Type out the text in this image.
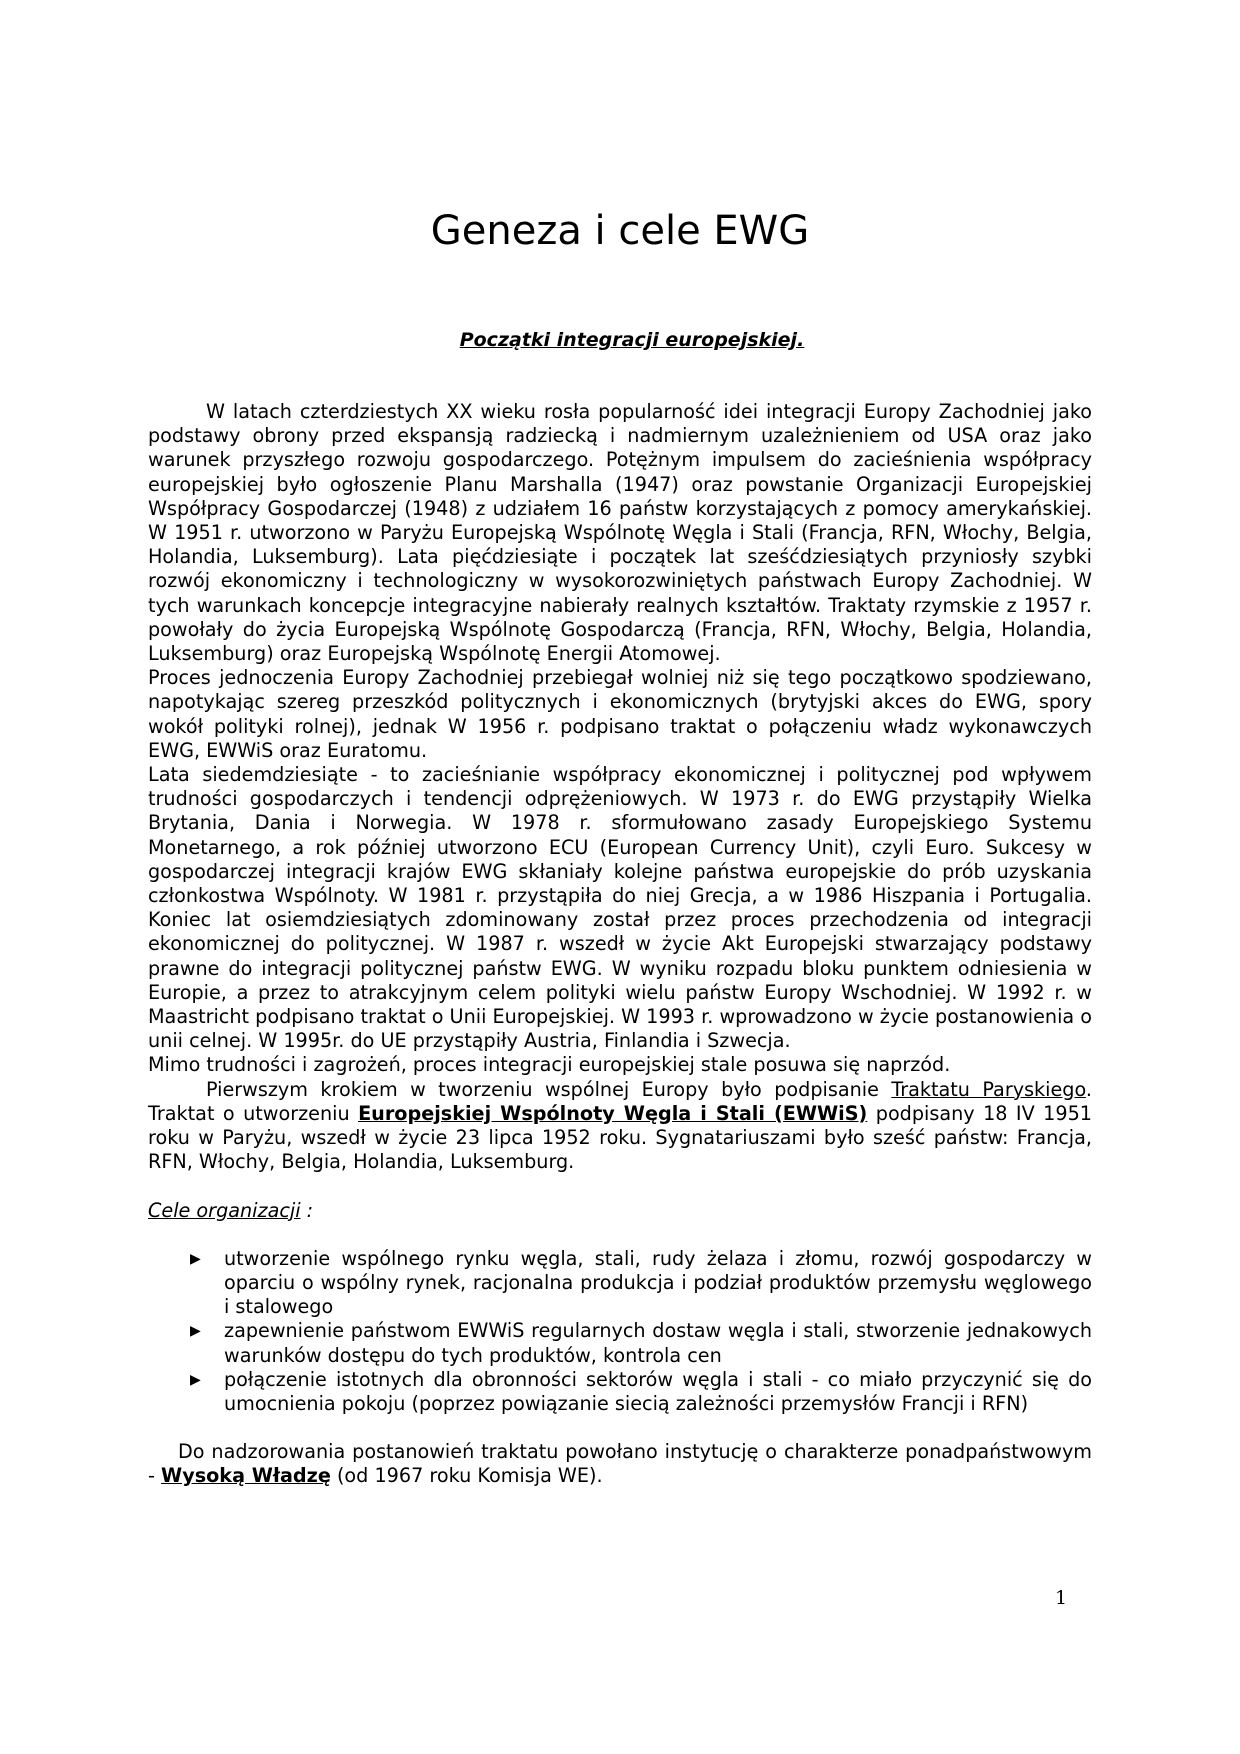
Geneza i cele EWG
Początki integracji europejskiej.

W latach czterdziestych XX wieku rosła popularność idei integracji Europy Zachodniej jako podstawy obrony przed ekspansją radziecką i nadmiernym uzależnieniem od USA oraz jako warunek przyszłego rozwoju gospodarczego. Potężnym impulsem do zacieśnienia współpracy europejskiej było ogłoszenie Planu Marshalla (1947) oraz powstanie Organizacji Europejskiej Współpracy Gospodarczej (1948) z udziałem 16 państw korzystających z pomocy amerykańskiej. W 1951 r. utworzono w Paryżu Europejską Wspólnotę Węgla i Stali (Francja, RFN, Włochy, Belgia, Holandia, Luksemburg). Lata pięćdziesiąte i początek lat sześćdziesiątych przyniosły szybki rozwój ekonomiczny i technologiczny w wysokorozwiniętych państwach Europy Zachodniej. W tych warunkach koncepcje integracyjne nabierały realnych kształtów. Traktaty rzymskie z 1957 r. powołały do życia Europejską Wspólnotę Gospodarczą (Francja, RFN, Włochy, Belgia, Holandia, Luksemburg) oraz Europejską Wspólnotę Energii Atomowej.

Proces jednoczenia Europy Zachodniej przebiegał wolniej niż się tego początkowo spodziewano, napotykając szereg przeszkód politycznych i ekonomicznych (brytyjski akces do EWG, spory wokół polityki rolnej), jednak W 1956 r. podpisano traktat o połączeniu władz wykonawczych EWG, EWWiS oraz Euratomu.

Lata siedemdziesiąte - to zacieśnianie współpracy ekonomicznej i politycznej pod wpływem trudności gospodarczych i tendencji odprężeniowych. W 1973 r. do EWG przystąpiły Wielka Brytania, Dania i Norwegia. W 1978 r. sformułowano zasady Europejskiego Systemu Monetarnego, a rok później utworzono ECU (European Currency Unit), czyli Euro. Sukcesy w gospodarczej integracji krajów EWG skłaniały kolejne państwa europejskie do prób uzyskania członkostwa Wspólnoty. W 1981 r. przystąpiła do niej Grecja, a w 1986 Hiszpania i Portugalia. Koniec lat osiemdziesiątych zdominowany został przez proces przechodzenia od integracji ekonomicznej do politycznej. W 1987 r. wszedł w życie Akt Europejski stwarzający podstawy prawne do integracji politycznej państw EWG. W wyniku rozpadu bloku punktem odniesienia w Europie, a przez to atrakcyjnym celem polityki wielu państw Europy Wschodniej. W 1992 r. w Maastricht podpisano traktat o Unii Europejskiej. W 1993 r. wprowadzono w życie postanowienia o unii celnej. W 1995r. do UE przystąpiły Austria, Finlandia i Szwecja.

Mimo trudności i zagrożeń, proces integracji europejskiej stale posuwa się naprzód.

Pierwszym krokiem w tworzeniu wspólnej Europy było podpisanie Traktatu Paryskiego. Traktat o utworzeniu Europejskiej Wspólnoty Węgla i Stali (EWWiS) podpisany 18 IV 1951 roku w Paryżu, wszedł w życie 23 lipca 1952 roku. Sygnatariuszami było sześć państw: Francja, RFN, Włochy, Belgia, Holandia, Luksemburg.

Cele organizacji :

▶ utworzenie wspólnego rynku węgla, stali, rudy żelaza i złomu, rozwój gospodarczy w oparciu o wspólny rynek, racjonalna produkcja i podział produktów przemysłu węglowego i stalowego
▶ zapewnienie państwom EWWiS regularnych dostaw węgla i stali, stworzenie jednakowych warunków dostępu do tych produktów, kontrola cen
▶ połączenie istotnych dla obronności sektorów węgla i stali - co miało przyczynić się do umocnienia pokoju (poprzez powiązanie siecią zależności przemysłów Francji i RFN)

Do nadzorowania postanowień traktatu powołano instytucję o charakterze ponadpaństwowym - Wysoką Władzę (od 1967 roku Komisja WE).

1
